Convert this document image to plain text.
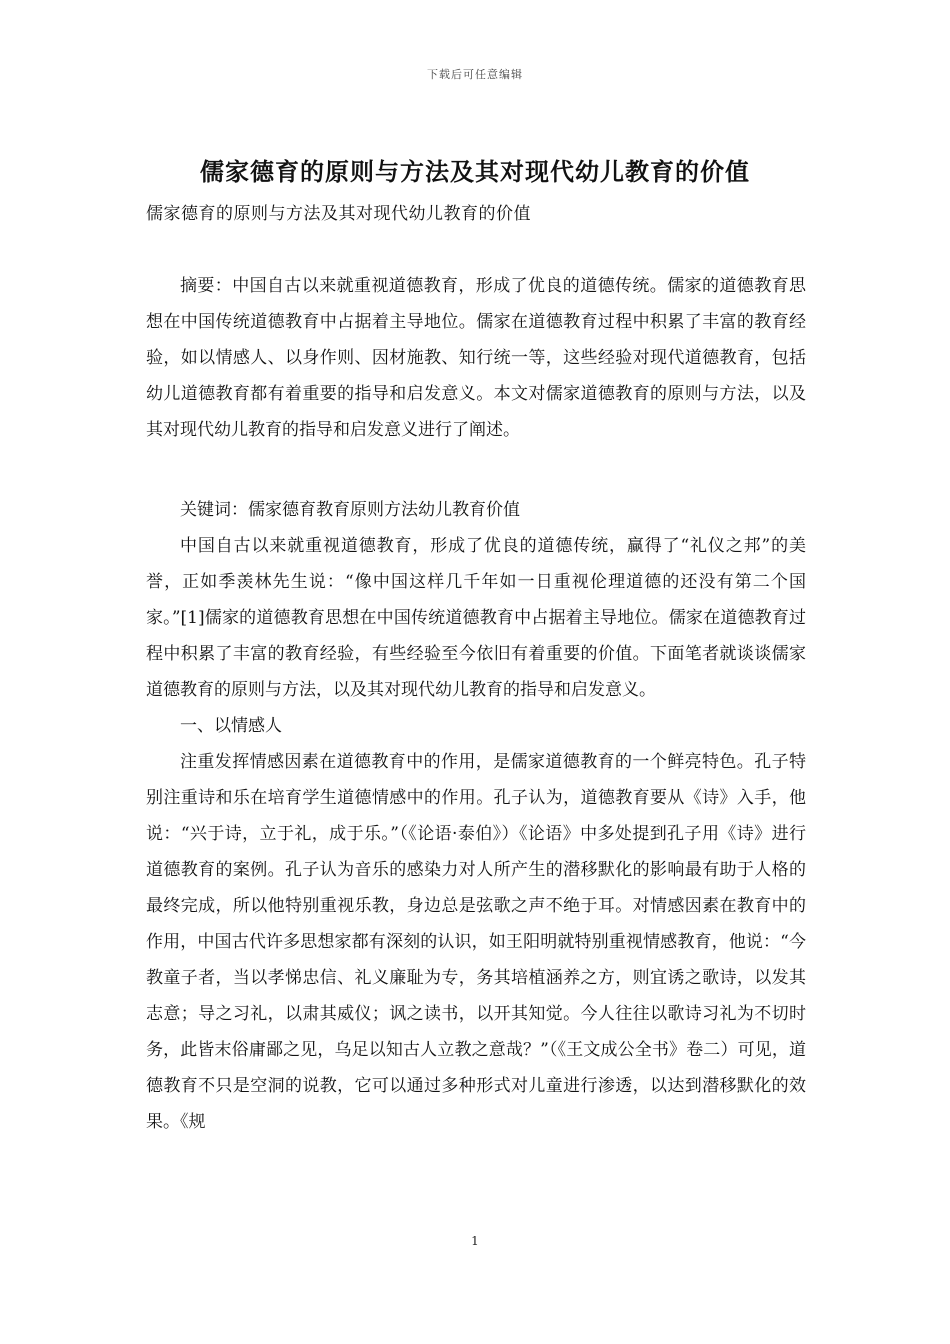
下载后可任意编辑
儒家德育的原则与方法及其对现代幼儿教育的价值
儒家德育的原则与方法及其对现代幼儿教育的价值

摘要：中国自古以来就重视道德教育，形成了优良的道德传统。儒家的道德教育思想在中国传统道德教育中占据着主导地位。儒家在道德教育过程中积累了丰富的教育经验，如以情感人、以身作则、因材施教、知行统一等，这些经验对现代道德教育，包括幼儿道德教育都有着重要的指导和启发意义。本文对儒家道德教育的原则与方法，以及其对现代幼儿教育的指导和启发意义进行了阐述。

关键词：儒家德育教育原则方法幼儿教育价值

中国自古以来就重视道德教育，形成了优良的道德传统，赢得了“礼仪之邦”的美誉，正如季羡林先生说：“像中国这样几千年如一日重视伦理道德的还没有第二个国家。”[1]儒家的道德教育思想在中国传统道德教育中占据着主导地位。儒家在道德教育过程中积累了丰富的教育经验，有些经验至今依旧有着重要的价值。下面笔者就谈谈儒家道德教育的原则与方法，以及其对现代幼儿教育的指导和启发意义。

一、以情感人

注重发挥情感因素在道德教育中的作用，是儒家道德教育的一个鲜亮特色。孔子特别注重诗和乐在培育学生道德情感中的作用。孔子认为，道德教育要从《诗》入手，他说：“兴于诗，立于礼，成于乐。”（《论语·泰伯》）《论语》中多处提到孔子用《诗》进行道德教育的案例。孔子认为音乐的感染力对人所产生的潜移默化的影响最有助于人格的最终完成，所以他特别重视乐教，身边总是弦歌之声不绝于耳。对情感因素在教育中的作用，中国古代许多思想家都有深刻的认识，如王阳明就特别重视情感教育，他说：“今教童子者，当以孝悌忠信、礼义廉耻为专，务其培植涵养之方，则宜诱之歌诗，以发其志意；导之习礼，以肃其威仪；讽之读书，以开其知觉。今人往往以歌诗习礼为不切时务，此皆末俗庸鄙之见，乌足以知古人立教之意哉？”（《王文成公全书》卷二）可见，道德教育不只是空洞的说教，它可以通过多种形式对儿童进行渗透，以达到潜移默化的效果。《规

1
